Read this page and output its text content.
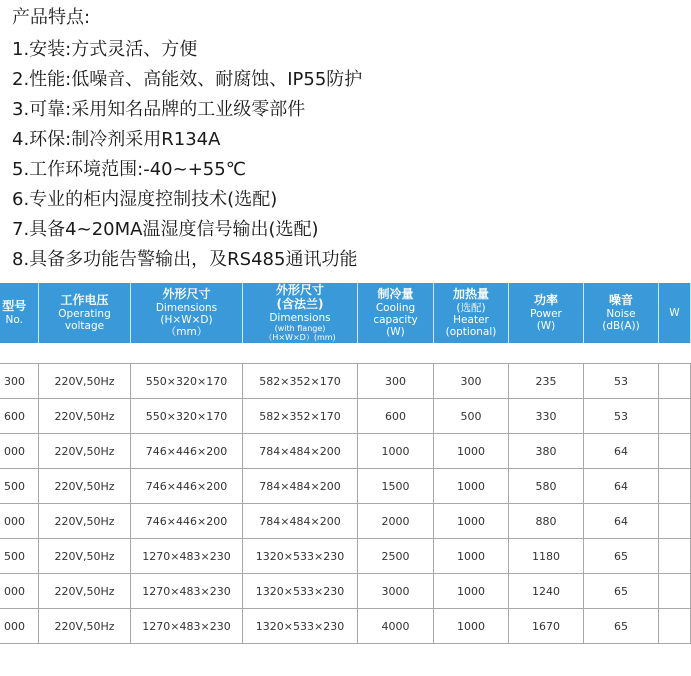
产品特点:
1.安装:方式灵活、方便
2.性能:低噪音、高能效、耐腐蚀、IP55防护
3.可靠:采用知名品牌的工业级零部件
4.环保:制冷剂采用R134A
5.工作环境范围:-40~+55℃
6.专业的柜内湿度控制技术(选配)
7.具备4~20MA温湿度信号输出(选配)
8.具备多功能告警输出，及RS485通讯功能
型号
No.	工作电压
Operating
voltage	外形尺寸
Dimensions
(H×W×D)
（mm）	外形尺寸
(含法兰)
Dimensions
(with flange)
（H×W×D）(mm)	制冷量
Cooling
capacity
(W)	加热量
(选配)
Heater
(optional)	功率
Power
(W)	噪音
Noise
(dB(A))	W

300	220V,50Hz	550×320×170	582×352×170	300	300	235	53	
600	220V,50Hz	550×320×170	582×352×170	600	500	330	53	
000	220V,50Hz	746×446×200	784×484×200	1000	1000	380	64	
500	220V,50Hz	746×446×200	784×484×200	1500	1000	580	64	
000	220V,50Hz	746×446×200	784×484×200	2000	1000	880	64	
500	220V,50Hz	1270×483×230	1320×533×230	2500	1000	1180	65	
000	220V,50Hz	1270×483×230	1320×533×230	3000	1000	1240	65	
000	220V,50Hz	1270×483×230	1320×533×230	4000	1000	1670	65	
